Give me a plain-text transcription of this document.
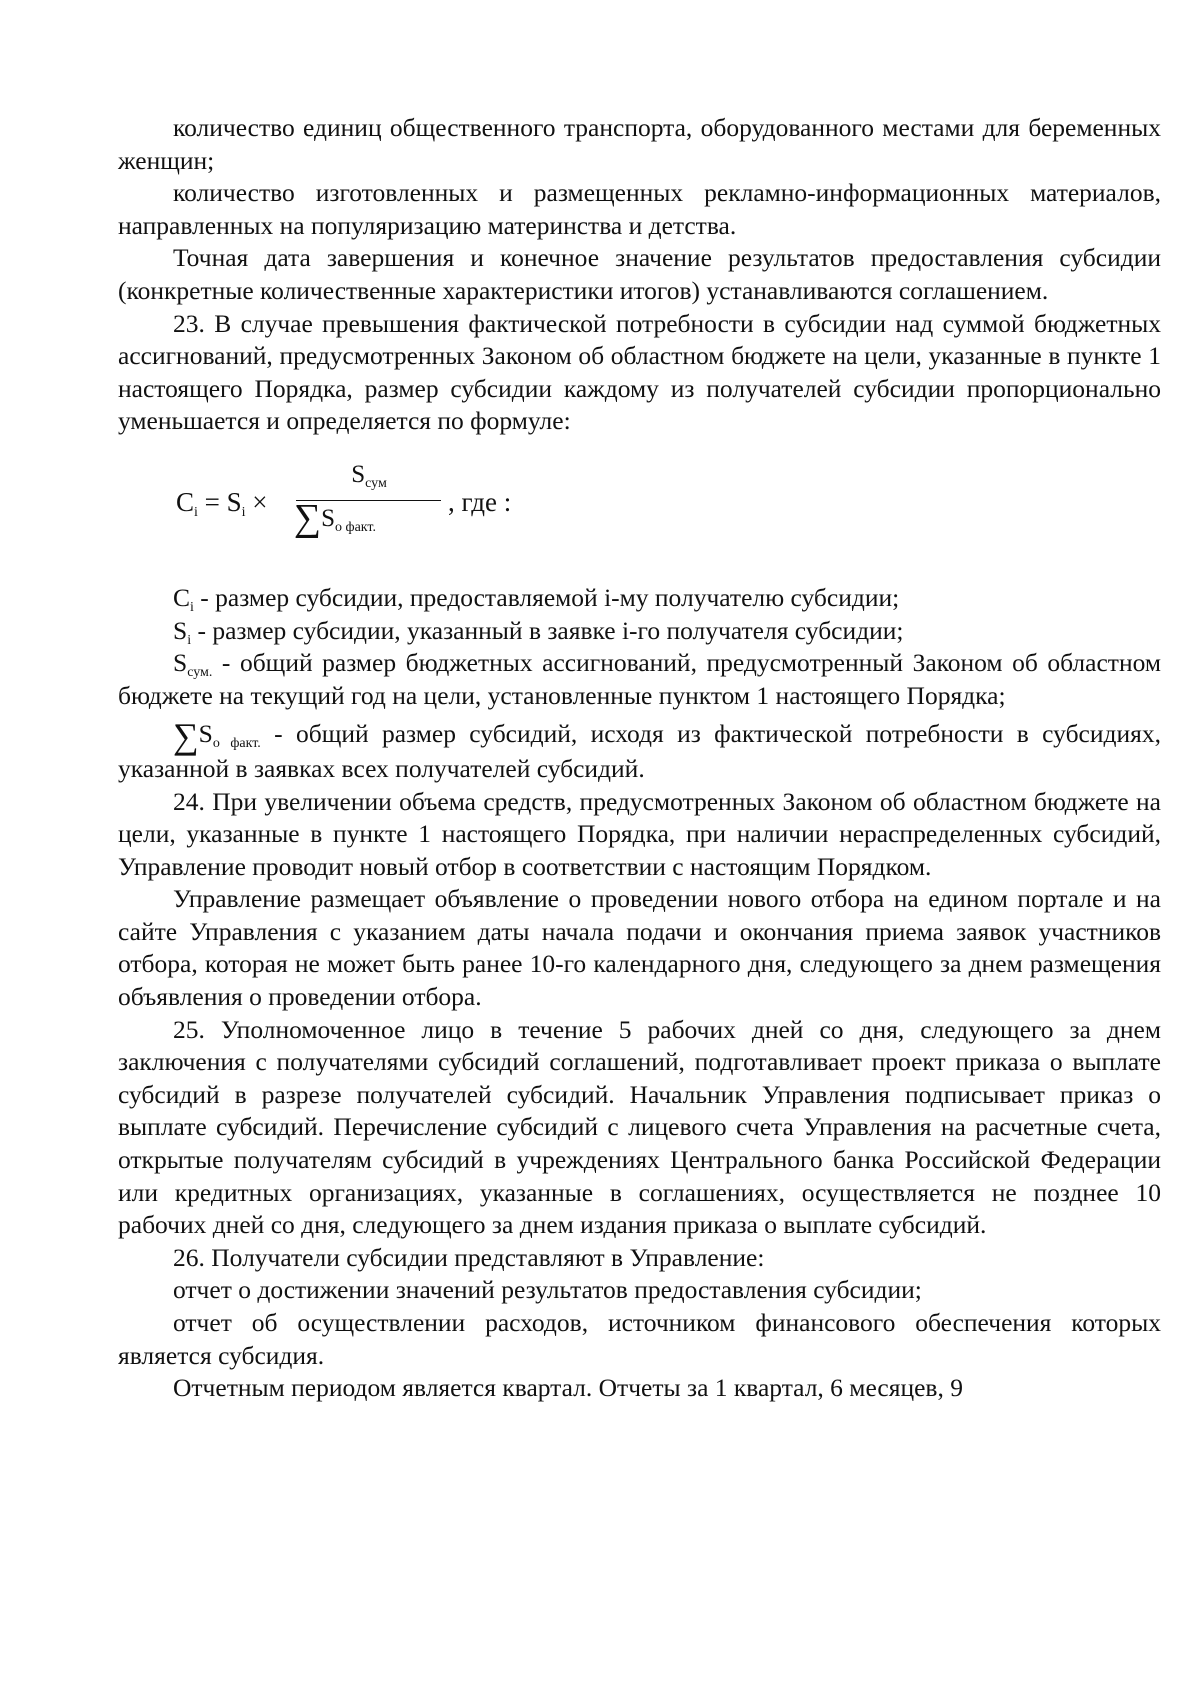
количество единиц общественного транспорта, оборудованного местами для беременных женщин;

количество изготовленных и размещенных рекламно-информационных материалов, направленных на популяризацию материнства и детства.

Точная дата завершения и конечное значение результатов предоставления субсидии (конкретные количественные характеристики итогов) устанавливаются соглашением.

23. В случае превышения фактической потребности в субсидии над суммой бюджетных ассигнований, предусмотренных Законом об областном бюджете на цели, указанные в пункте 1 настоящего Порядка, размер субсидии каждому из получателей субсидии пропорционально уменьшается и определяется по формуле:

$C_i = S_i$ ×
$S_{сум}$
$\sum S_{о факт.}$
, где :

$C_i$ - размер субсидии, предоставляемой i-му получателю субсидии;

$S_i$ - размер субсидии, указанный в заявке i-го получателя субсидии;

$S_{сум.}$ - общий размер бюджетных ассигнований, предусмотренный Законом об областном бюджете на текущий год на цели, установленные пунктом 1 настоящего Порядка;

$\sum S_{о факт.}$ - общий размер субсидий, исходя из фактической потребности в субсидиях, указанной в заявках всех получателей субсидий.

24. При увеличении объема средств, предусмотренных Законом об областном бюджете на цели, указанные в пункте 1 настоящего Порядка, при наличии нераспределенных субсидий, Управление проводит новый отбор в соответствии с настоящим Порядком.

Управление размещает объявление о проведении нового отбора на едином портале и на сайте Управления с указанием даты начала подачи и окончания приема заявок участников отбора, которая не может быть ранее 10-го календарного дня, следующего за днем размещения объявления о проведении отбора.

25. Уполномоченное лицо в течение 5 рабочих дней со дня, следующего за днем заключения с получателями субсидий соглашений, подготавливает проект приказа о выплате субсидий в разрезе получателей субсидий. Начальник Управления подписывает приказ о выплате субсидий. Перечисление субсидий с лицевого счета Управления на расчетные счета, открытые получателям субсидий в учреждениях Центрального банка Российской Федерации или кредитных организациях, указанные в соглашениях, осуществляется не позднее 10 рабочих дней со дня, следующего за днем издания приказа о выплате субсидий.

26. Получатели субсидии представляют в Управление:

отчет о достижении значений результатов предоставления субсидии;

отчет об осуществлении расходов, источником финансового обеспечения которых является субсидия.

Отчетным периодом является квартал. Отчеты за 1 квартал, 6 месяцев, 9
